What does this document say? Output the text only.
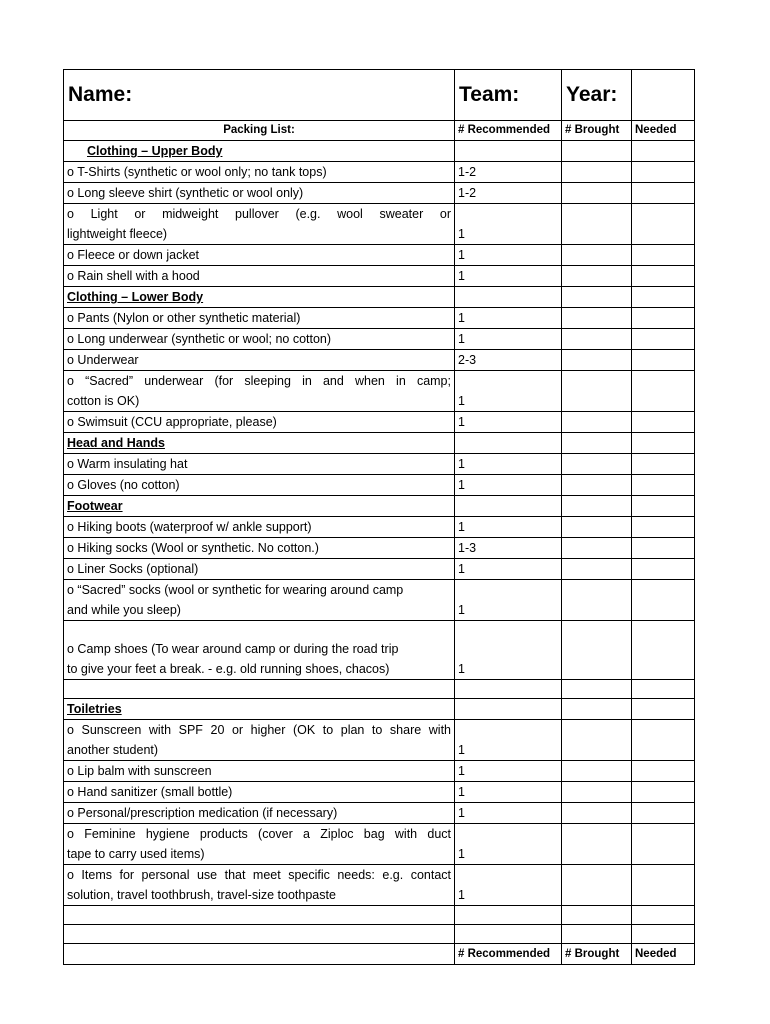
Name:	Team:	Year:	
Packing List:	# Recommended	# Brought	Needed
Clothing – Upper Body			
o T-Shirts (synthetic or wool only; no tank tops)	1-2		
o Long sleeve shirt (synthetic or wool only)	1-2		

o Light or midweight pullover (e.g. wool sweater or
lightweight fleece)	1		
o Fleece or down jacket	1		
o Rain shell with a hood	1		
Clothing – Lower Body			
o Pants (Nylon or other synthetic material)	1		
o Long underwear (synthetic or wool; no cotton)	1		
o Underwear	2-3		

o “Sacred” underwear (for sleeping in and when in camp;
cotton is OK)	1		
o Swimsuit (CCU appropriate, please)	1		
Head and Hands			
o Warm insulating hat	1		
o Gloves (no cotton)	1		
Footwear			
o Hiking boots (waterproof w/ ankle support)	1		
o Hiking socks (Wool or synthetic. No cotton.)	1-3		
o Liner Socks (optional)	1		

o “Sacred” socks (wool or synthetic for wearing around camp
and while you sleep)	1		

o Camp shoes (To wear around camp or during the road trip
to give your feet a break. - e.g. old running shoes, chacos)	1		

Toiletries			

o Sunscreen with SPF 20 or higher (OK to plan to share with
another student)	1		
o Lip balm with sunscreen	1		
o Hand sanitizer (small bottle)	1		
o Personal/prescription medication (if necessary)	1		

o Feminine hygiene products (cover a Ziploc bag with duct
tape to carry used items)	1		

o Items for personal use that meet specific needs: e.g. contact
solution, travel toothbrush, travel-size toothpaste	1		

	# Recommended	# Brought	Needed
